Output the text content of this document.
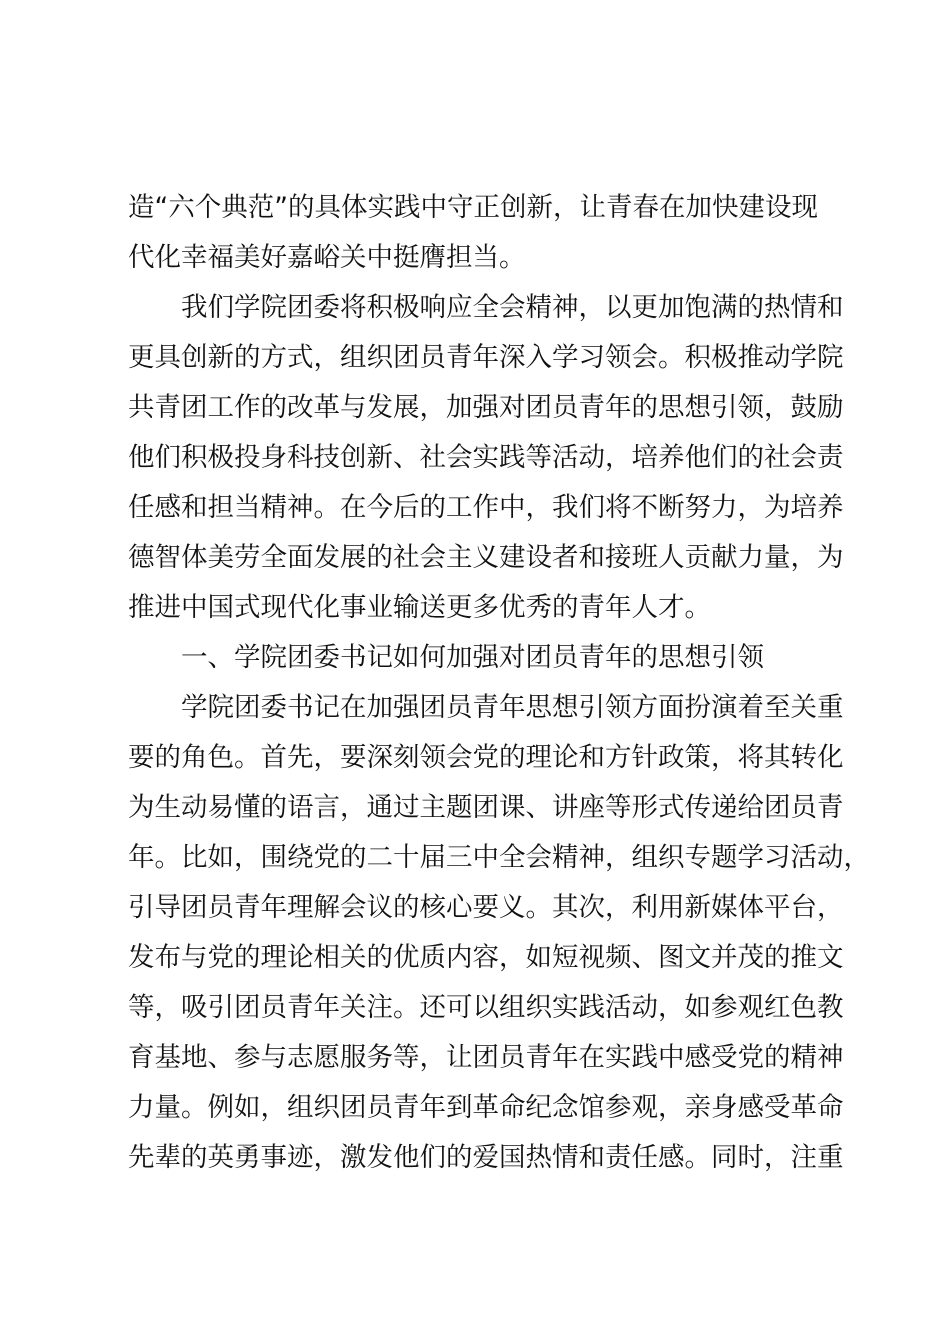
造“六个典范”的具体实践中守正创新，让青春在加快建设现

代化幸福美好嘉峪关中挺膺担当。

　　我们学院团委将积极响应全会精神，以更加饱满的热情和

更具创新的方式，组织团员青年深入学习领会。积极推动学院

共青团工作的改革与发展，加强对团员青年的思想引领，鼓励

他们积极投身科技创新、社会实践等活动，培养他们的社会责

任感和担当精神。在今后的工作中，我们将不断努力，为培养

德智体美劳全面发展的社会主义建设者和接班人贡献力量，为

推进中国式现代化事业输送更多优秀的青年人才。

　　一、学院团委书记如何加强对团员青年的思想引领

　　学院团委书记在加强团员青年思想引领方面扮演着至关重

要的角色。首先，要深刻领会党的理论和方针政策，将其转化

为生动易懂的语言，通过主题团课、讲座等形式传递给团员青

年。比如，围绕党的二十届三中全会精神，组织专题学习活动，

引导团员青年理解会议的核心要义。其次，利用新媒体平台，

发布与党的理论相关的优质内容，如短视频、图文并茂的推文

等，吸引团员青年关注。还可以组织实践活动，如参观红色教

育基地、参与志愿服务等，让团员青年在实践中感受党的精神

力量。例如，组织团员青年到革命纪念馆参观，亲身感受革命

先辈的英勇事迹，激发他们的爱国热情和责任感。同时，注重
